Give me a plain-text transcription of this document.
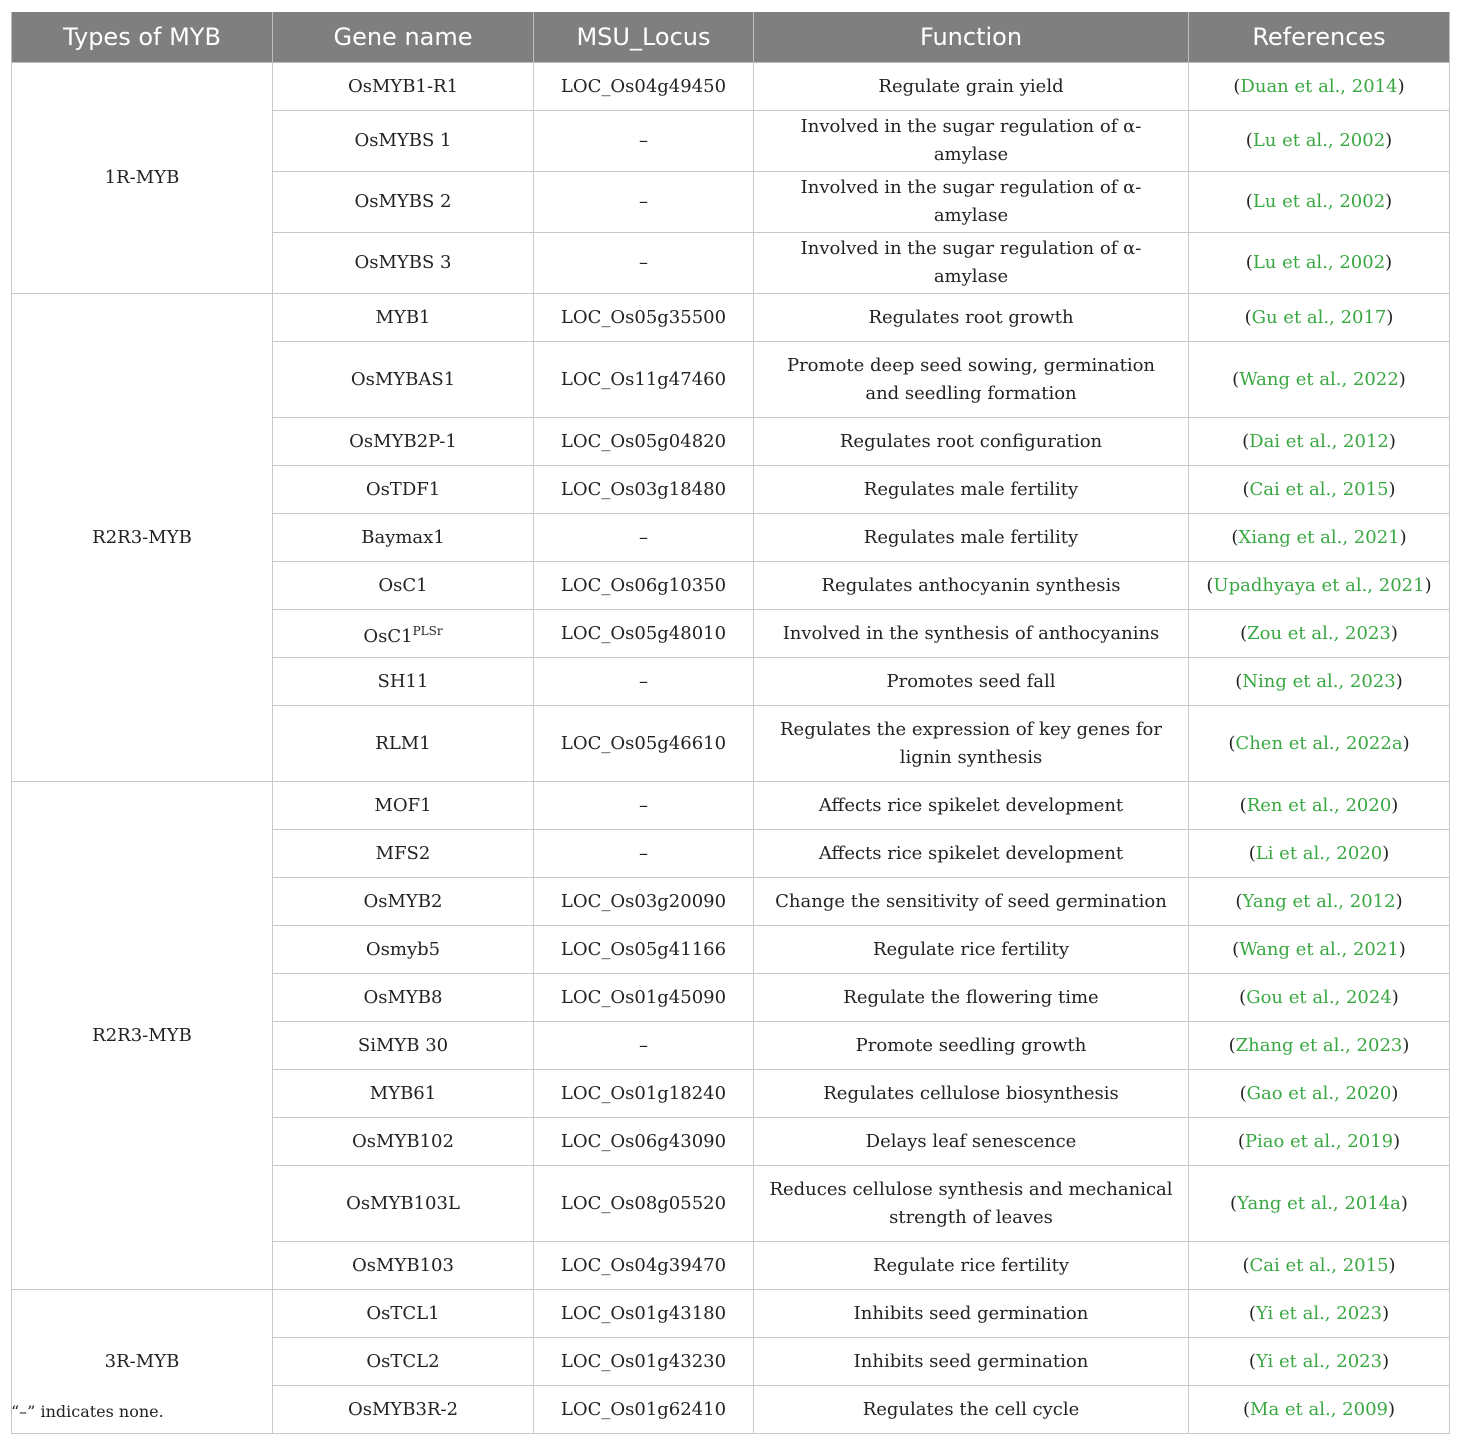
Types of MYB	Gene name	MSU_Locus	Function	References
1R-MYB	OsMYB1-R1	LOC_Os04g49450	Regulate grain yield	(Duan et al., 2014)
	OsMYBS 1	–	Involved in the sugar regulation of α-amylase	(Lu et al., 2002)
	OsMYBS 2	–	Involved in the sugar regulation of α-amylase	(Lu et al., 2002)
	OsMYBS 3	–	Involved in the sugar regulation of α-amylase	(Lu et al., 2002)
R2R3-MYB	MYB1	LOC_Os05g35500	Regulates root growth	(Gu et al., 2017)
	OsMYBAS1	LOC_Os11g47460	Promote deep seed sowing, germination and seedling formation	(Wang et al., 2022)
	OsMYB2P-1	LOC_Os05g04820	Regulates root configuration	(Dai et al., 2012)
	OsTDF1	LOC_Os03g18480	Regulates male fertility	(Cai et al., 2015)
	Baymax1	–	Regulates male fertility	(Xiang et al., 2021)
	OsC1	LOC_Os06g10350	Regulates anthocyanin synthesis	(Upadhyaya et al., 2021)
	$OsC1^{PLSr}$	LOC_Os05g48010	Involved in the synthesis of anthocyanins	(Zou et al., 2023)
	SH11	–	Promotes seed fall	(Ning et al., 2023)
	RLM1	LOC_Os05g46610	Regulates the expression of key genes for lignin synthesis	(Chen et al., 2022a)
R2R3-MYB	MOF1	–	Affects rice spikelet development	(Ren et al., 2020)
	MFS2	–	Affects rice spikelet development	(Li et al., 2020)
	OsMYB2	LOC_Os03g20090	Change the sensitivity of seed germination	(Yang et al., 2012)
	Osmyb5	LOC_Os05g41166	Regulate rice fertility	(Wang et al., 2021)
	OsMYB8	LOC_Os01g45090	Regulate the flowering time	(Gou et al., 2024)
	SiMYB 30	–	Promote seedling growth	(Zhang et al., 2023)
	MYB61	LOC_Os01g18240	Regulates cellulose biosynthesis	(Gao et al., 2020)
	OsMYB102	LOC_Os06g43090	Delays leaf senescence	(Piao et al., 2019)
	OsMYB103L	LOC_Os08g05520	Reduces cellulose synthesis and mechanical strength of leaves	(Yang et al., 2014a)
	OsMYB103	LOC_Os04g39470	Regulate rice fertility	(Cai et al., 2015)
3R-MYB	OsTCL1	LOC_Os01g43180	Inhibits seed germination	(Yi et al., 2023)
	OsTCL2	LOC_Os01g43230	Inhibits seed germination	(Yi et al., 2023)
	OsMYB3R-2	LOC_Os01g62410	Regulates the cell cycle	(Ma et al., 2009)
“–” indicates none.
